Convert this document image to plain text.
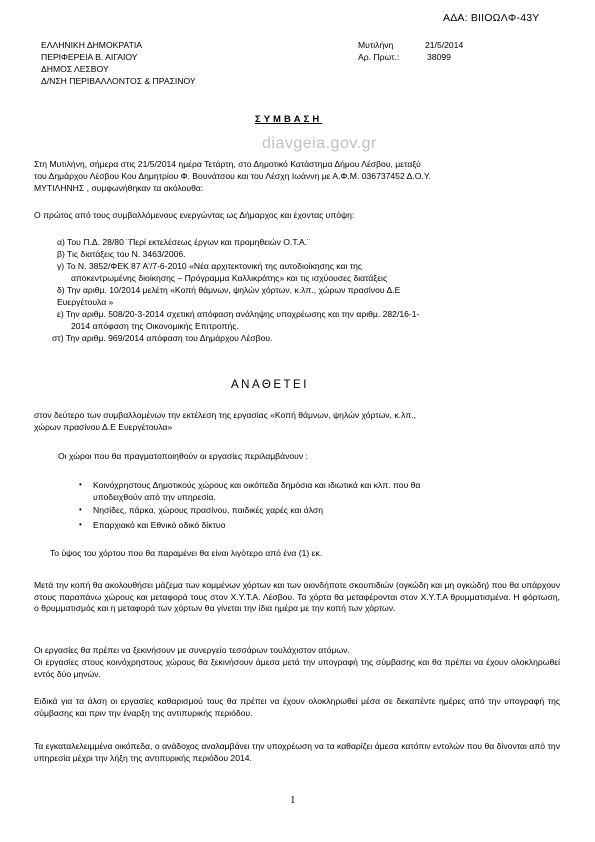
ΑΔΑ: ΒΙΙΟΩΛΦ-43Υ
ΕΛΛΗΝΙΚΗ ΔΗΜΟΚΡΑΤΙΑ
ΠΕΡΙΦΕΡΕΙΑ Β. ΑΙΓΑΙΟΥ
ΔΗΜΟΣ ΛΕΣΒΟΥ
Δ/ΝΣΗ ΠΕΡΙΒΑΛΛΟΝΤΟΣ & ΠΡΑΣΙΝΟΥ
Μυτιλήνη	21/5/2014
Αρ. Πρωτ.:	38099
ΣΥΜΒΑΣΗ
diavgeia.gov.gr
Στη Μυτιλήνη, σήμερα στις 21/5/2014 ημέρα Τετάρτη, στο Δημοτικό Κατάστημα Δήμου Λέσβου, μεταξύ
του Δημάρχου Λέσβου Κου Δημητρίου Φ. Βουνάτσου και του Λέσχη Ιωάννη με Α.Φ.Μ. 036737452 Δ.Ο.Υ.
ΜΥΤΙΛΗΝΗΣ , συμφωνήθηκαν τα ακόλουθα:
Ο πρώτος από τους συμβαλλόμενους ενεργώντας ως Δήμαρχος και έχοντας υπόψη:
α) Του Π.Δ. 28/80 ¨Περί εκτελέσεως έργων και προμηθειών Ο.Τ.Α.¨
β) Τις διατάξεις του Ν. 3463/2006.
γ) Το Ν. 3852/ΦΕΚ 87 Α'/7-6-2010 «Νέα αρχιτεκτονική της αυτοδιοίκησης και της
αποκεντρωμένης διοίκησης – Πρόγραμμα Καλλικράτης» και τις ισχύουσες διατάξεις
δ) Την αριθμ. 10/2014 μελέτη «Κοπή θάμνων, ψηλών χόρτων, κ.λπ., χώρων πρασίνου Δ.Ε
Ευεργέτουλα »
ε) Την αριθμ. 508/20-3-2014 σχετική απόφαση ανάληψης υποχρέωσης και την αριθμ. 282/16-1-
2014 απόφαση της Οικονομικής Επιτροπής.
στ) Την αριθμ. 969/2014 απόφαση του Δημάρχου Λέσβου.
ΑΝΑΘΕΤΕΙ
στον δεύτερο των συμβαλλομένων την εκτέλεση της εργασίας «Κοπή θάμνων, ψηλών χόρτων, κ.λπ.,
χώρων πρασίνου Δ.Ε Ευεργέτουλα»
Οι χώροι που θα πραγματοποιηθούν οι εργασίες περιλαμβάνουν :
• Κοινόχρηστους Δημοτικούς χώρους και οικόπεδα δημόσια και ιδιωτικά και κλπ. που θα
υποδειχθούν από την υπηρεσία.
• Νησίδες, πάρκα, χώρους πρασίνου, παιδικές χαρές και άλση
• Επαρχιακό και Εθνικό οδικό δίκτυο
Το ύψος του χόρτου που θα παραμένει θα είναι λιγότερο από ένα (1) εκ.
Μετά την κοπή θα ακολουθήσει μάζεμα των κομμένων χόρτων και των οιονδήποτε σκουπιδιών (ογκώδη και μη ογκώδη) που θα υπάρχουν στους παραπάνω χώρους και μεταφορά τους στον Χ.Υ.Τ.Α. Λέσβου. Τα χόρτα θα μεταφέρονται στον Χ.Υ.Τ.Α θρυμματισμένα. Η φόρτωση, ο θρυμματισμός και η μεταφορά των χόρτων θα γίνεται την ίδια ημέρα με την κοπή των χόρτων.
Οι εργασίες θα πρέπει να ξεκινήσουν με συνεργείο τεσσάρων τουλάχιστον ατόμων.
Οι εργασίες στους κοινόχρηστους χώρους θα ξεκινήσουν άμεσα μετά την υπογραφή της σύμβασης και θα πρέπει να έχουν ολοκληρωθεί εντός δύο μηνών.
Ειδικά για τα άλση οι εργασίες καθαρισμού τους θα πρέπει να έχουν ολοκληρωθεί μέσα σε δεκαπέντε ημέρες από την υπογραφή της σύμβασης και πριν την έναρξη της αντιπυρικής περιόδου.
Τα εγκαταλελειμμένα οικόπεδα, ο ανάδοχος αναλαμβάνει την υποχρέωση να τα καθαρίζει άμεσα κατόπιν εντολών που θα δίνονται από την υπηρεσία μέχρι την λήξη της αντιπυρικής περιόδου 2014.
1
